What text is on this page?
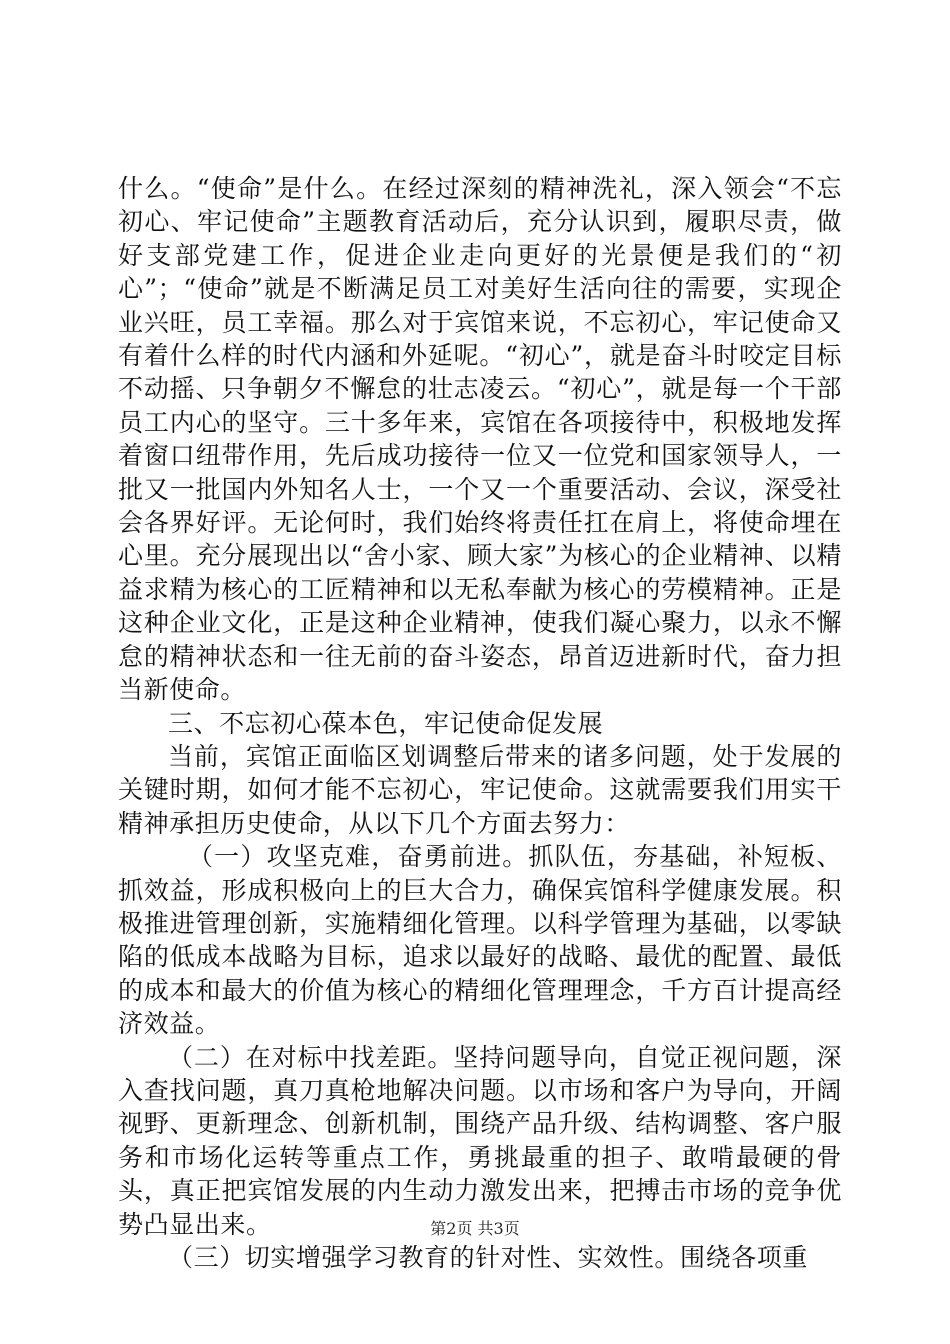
什么。“使命”是什么。在经过深刻的精神洗礼，深入领会“不忘初心、牢记使命”主题教育活动后，充分认识到，履职尽责，做好支部党建工作，促进企业走向更好的光景便是我们的“初心”；“使命”就是不断满足员工对美好生活向往的需要，实现企业兴旺，员工幸福。那么对于宾馆来说，不忘初心，牢记使命又有着什么样的时代内涵和外延呢。“初心”，就是奋斗时咬定目标不动摇、只争朝夕不懈怠的壮志凌云。“初心”，就是每一个干部员工内心的坚守。三十多年来，宾馆在各项接待中，积极地发挥着窗口纽带作用，先后成功接待一位又一位党和国家领导人，一批又一批国内外知名人士，一个又一个重要活动、会议，深受社会各界好评。无论何时，我们始终将责任扛在肩上，将使命埋在心里。充分展现出以“舍小家、顾大家”为核心的企业精神、以精益求精为核心的工匠精神和以无私奉献为核心的劳模精神。正是这种企业文化，正是这种企业精神，使我们凝心聚力，以永不懈怠的精神状态和一往无前的奋斗姿态，昂首迈进新时代，奋力担当新使命。

三、不忘初心葆本色，牢记使命促发展

当前，宾馆正面临区划调整后带来的诸多问题，处于发展的关键时期，如何才能不忘初心，牢记使命。这就需要我们用实干精神承担历史使命，从以下几个方面去努力：

（一）攻坚克难，奋勇前进。抓队伍，夯基础，补短板、抓效益，形成积极向上的巨大合力，确保宾馆科学健康发展。积极推进管理创新，实施精细化管理。以科学管理为基础，以零缺陷的低成本战略为目标，追求以最好的战略、最优的配置、最低的成本和最大的价值为核心的精细化管理理念，千方百计提高经济效益。

（二）在对标中找差距。坚持问题导向，自觉正视问题，深入查找问题，真刀真枪地解决问题。以市场和客户为导向，开阔视野、更新理念、创新机制，围绕产品升级、结构调整、客户服务和市场化运转等重点工作，勇挑最重的担子、敢啃最硬的骨头，真正把宾馆发展的内生动力激发出来，把搏击市场的竞争优势凸显出来。

（三）切实增强学习教育的针对性、实效性。围绕各项重

第2页 共3页
